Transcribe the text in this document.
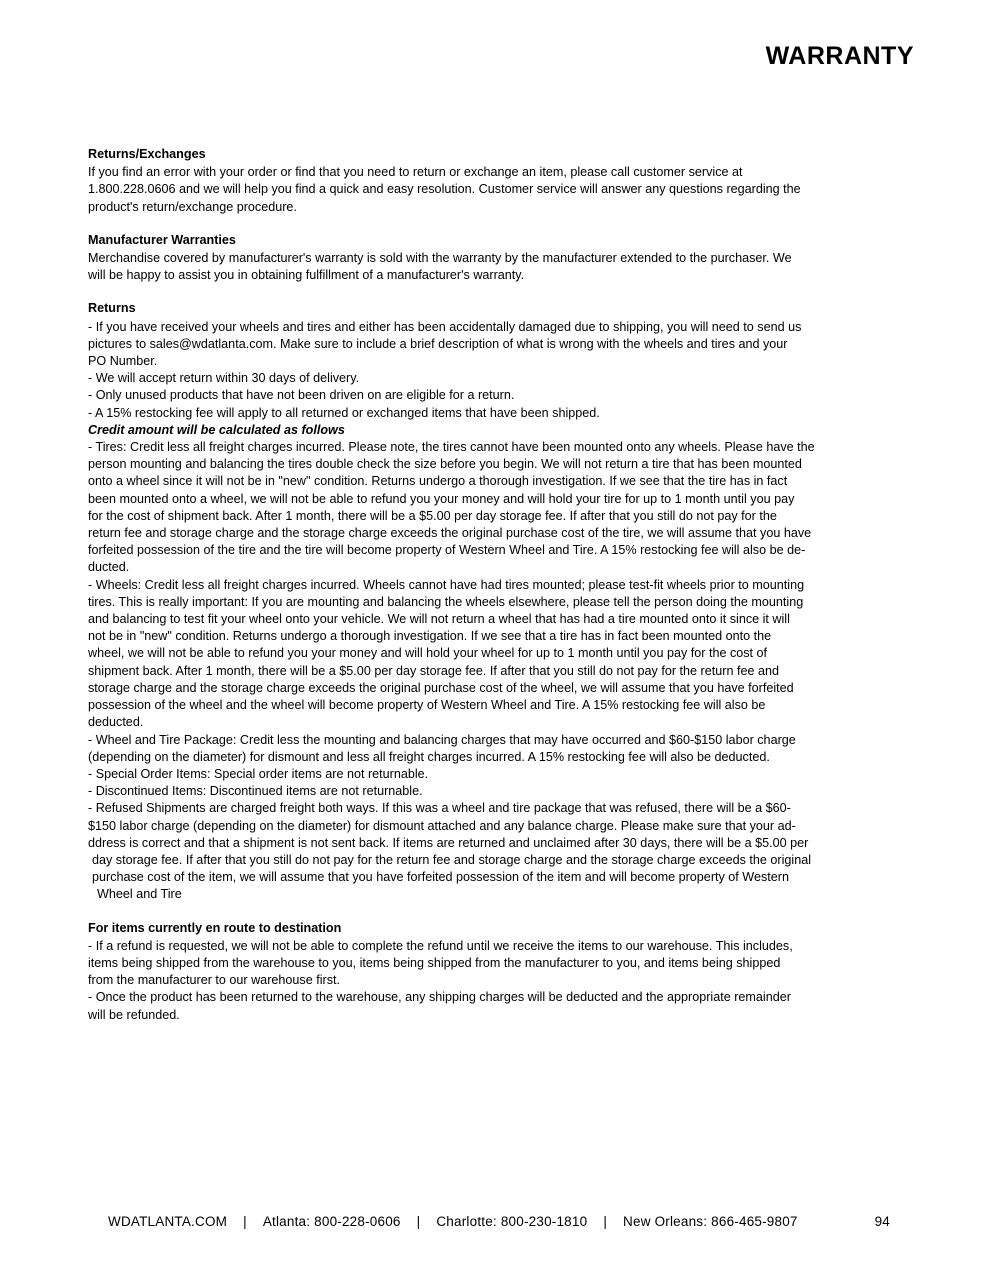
WARRANTY

Returns/Exchanges

If you find an error with your order or find that you need to return or exchange an item, please call customer service at

1.800.228.0606 and we will help you find a quick and easy resolution. Customer service will answer any questions regarding the

product's return/exchange procedure.

Manufacturer Warranties

Merchandise covered by manufacturer's warranty is sold with the warranty by the manufacturer extended to the purchaser. We

will be happy to assist you in obtaining fulfillment of a manufacturer's warranty.

Returns

- If you have received your wheels and tires and either has been accidentally damaged due to shipping, you will need to send us

pictures to sales@wdatlanta.com. Make sure to include a brief description of what is wrong with the wheels and tires and your

PO Number.

- We will accept return within 30 days of delivery.

- Only unused products that have not been driven on are eligible for a return.

- A 15% restocking fee will apply to all returned or exchanged items that have been shipped.

Credit amount will be calculated as follows

- Tires: Credit less all freight charges incurred. Please note, the tires cannot have been mounted onto any wheels. Please have the

person mounting and balancing the tires double check the size before you begin. We will not return a tire that has been mounted

onto a wheel since it will not be in "new" condition. Returns undergo a thorough investigation. If we see that the tire has in fact

been mounted onto a wheel, we will not be able to refund you your money and will hold your tire for up to 1 month until you pay

for the cost of shipment back. After 1 month, there will be a $5.00 per day storage fee. If after that you still do not pay for the

return fee and storage charge and the storage charge exceeds the original purchase cost of the tire, we will assume that you have

forfeited possession of the tire and the tire will become property of Western Wheel and Tire. A 15% restocking fee will also be de-

ducted.

- Wheels: Credit less all freight charges incurred. Wheels cannot have had tires mounted; please test-fit wheels prior to mounting

tires. This is really important: If you are mounting and balancing the wheels elsewhere, please tell the person doing the mounting

and balancing to test fit your wheel onto your vehicle. We will not return a wheel that has had a tire mounted onto it since it will

not be in "new" condition. Returns undergo a thorough investigation. If we see that a tire has in fact been mounted onto the

wheel, we will not be able to refund you your money and will hold your wheel for up to 1 month until you pay for the cost of

shipment back. After 1 month, there will be a $5.00 per day storage fee. If after that you still do not pay for the return fee and

storage charge and the storage charge exceeds the original purchase cost of the wheel, we will assume that you have forfeited

possession of the wheel and the wheel will become property of Western Wheel and Tire. A 15% restocking fee will also be

deducted.

- Wheel and Tire Package: Credit less the mounting and balancing charges that may have occurred and $60-$150 labor charge

(depending on the diameter) for dismount and less all freight charges incurred. A 15% restocking fee will also be deducted.

- Special Order Items: Special order items are not returnable.

- Discontinued Items: Discontinued items are not returnable.

- Refused Shipments are charged freight both ways. If this was a wheel and tire package that was refused, there will be a $60-

$150 labor charge (depending on the diameter) for dismount attached and any balance charge. Please make sure that your ad-

ddress is correct and that a shipment is not sent back. If items are returned and unclaimed after 30 days, there will be a $5.00 per

day storage fee. If after that you still do not pay for the return fee and storage charge and the storage charge exceeds the original

purchase cost of the item, we will assume that you have forfeited possession of the item and will become property of Western

Wheel and Tire

For items currently en route to destination

- If a refund is requested, we will not be able to complete the refund until we receive the items to our warehouse. This includes,

items being shipped from the warehouse to you, items being shipped from the manufacturer to you, and items being shipped

from the manufacturer to our warehouse first.

- Once the product has been returned to the warehouse, any shipping charges will be deducted and the appropriate remainder

will be refunded.

WDATLANTA.COM	|	Atlanta: 800-228-0606	|	Charlotte: 800-230-1810	|	New Orleans: 866-465-9807	94
